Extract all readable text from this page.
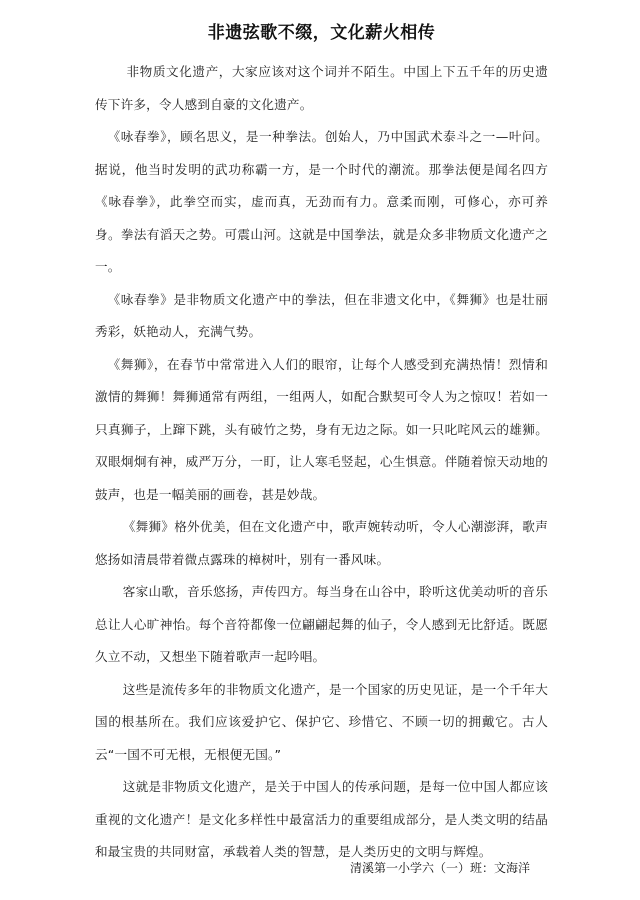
非遗弦歌不缀，文化薪火相传

非物质文化遗产，大家应该对这个词并不陌生。中国上下五千年的历史遗传下许多，令人感到自豪的文化遗产。

《咏春拳》，顾名思义，是一种拳法。创始人，乃中国武术泰斗之一—叶问。据说，他当时发明的武功称霸一方，是一个时代的潮流。那拳法便是闻名四方《咏春拳》，此拳空而实，虚而真，无劲而有力。意柔而刚，可修心，亦可养身。拳法有滔天之势。可震山河。这就是中国拳法，就是众多非物质文化遗产之一。

《咏春拳》是非物质文化遗产中的拳法，但在非遗文化中，《舞狮》也是壮丽秀彩，妖艳动人，充满气势。

《舞狮》，在春节中常常进入人们的眼帘，让每个人感受到充满热情！烈情和激情的舞狮！舞狮通常有两组，一组两人，如配合默契可令人为之惊叹！若如一只真狮子，上蹿下跳，头有破竹之势，身有无边之际。如一只叱咤风云的雄狮。双眼炯炯有神，威严万分，一盯，让人寒毛竖起，心生惧意。伴随着惊天动地的鼓声，也是一幅美丽的画卷，甚是妙哉。

《舞狮》格外优美，但在文化遗产中，歌声婉转动听，令人心潮澎湃，歌声悠扬如清晨带着微点露珠的樟树叶，别有一番风味。

客家山歌，音乐悠扬，声传四方。每当身在山谷中，聆听这优美动听的音乐总让人心旷神怡。每个音符都像一位翩翩起舞的仙子，令人感到无比舒适。既愿久立不动，又想坐下随着歌声一起吟唱。

这些是流传多年的非物质文化遗产，是一个国家的历史见证，是一个千年大国的根基所在。我们应该爱护它、保护它、珍惜它、不顾一切的拥戴它。古人云“一国不可无根，无根便无国。”

这就是非物质文化遗产，是关于中国人的传承问题，是每一位中国人都应该重视的文化遗产！是文化多样性中最富活力的重要组成部分，是人类文明的结晶和最宝贵的共同财富，承载着人类的智慧，是人类历史的文明与辉煌。

清溪第一小学六（一）班：文海洋
